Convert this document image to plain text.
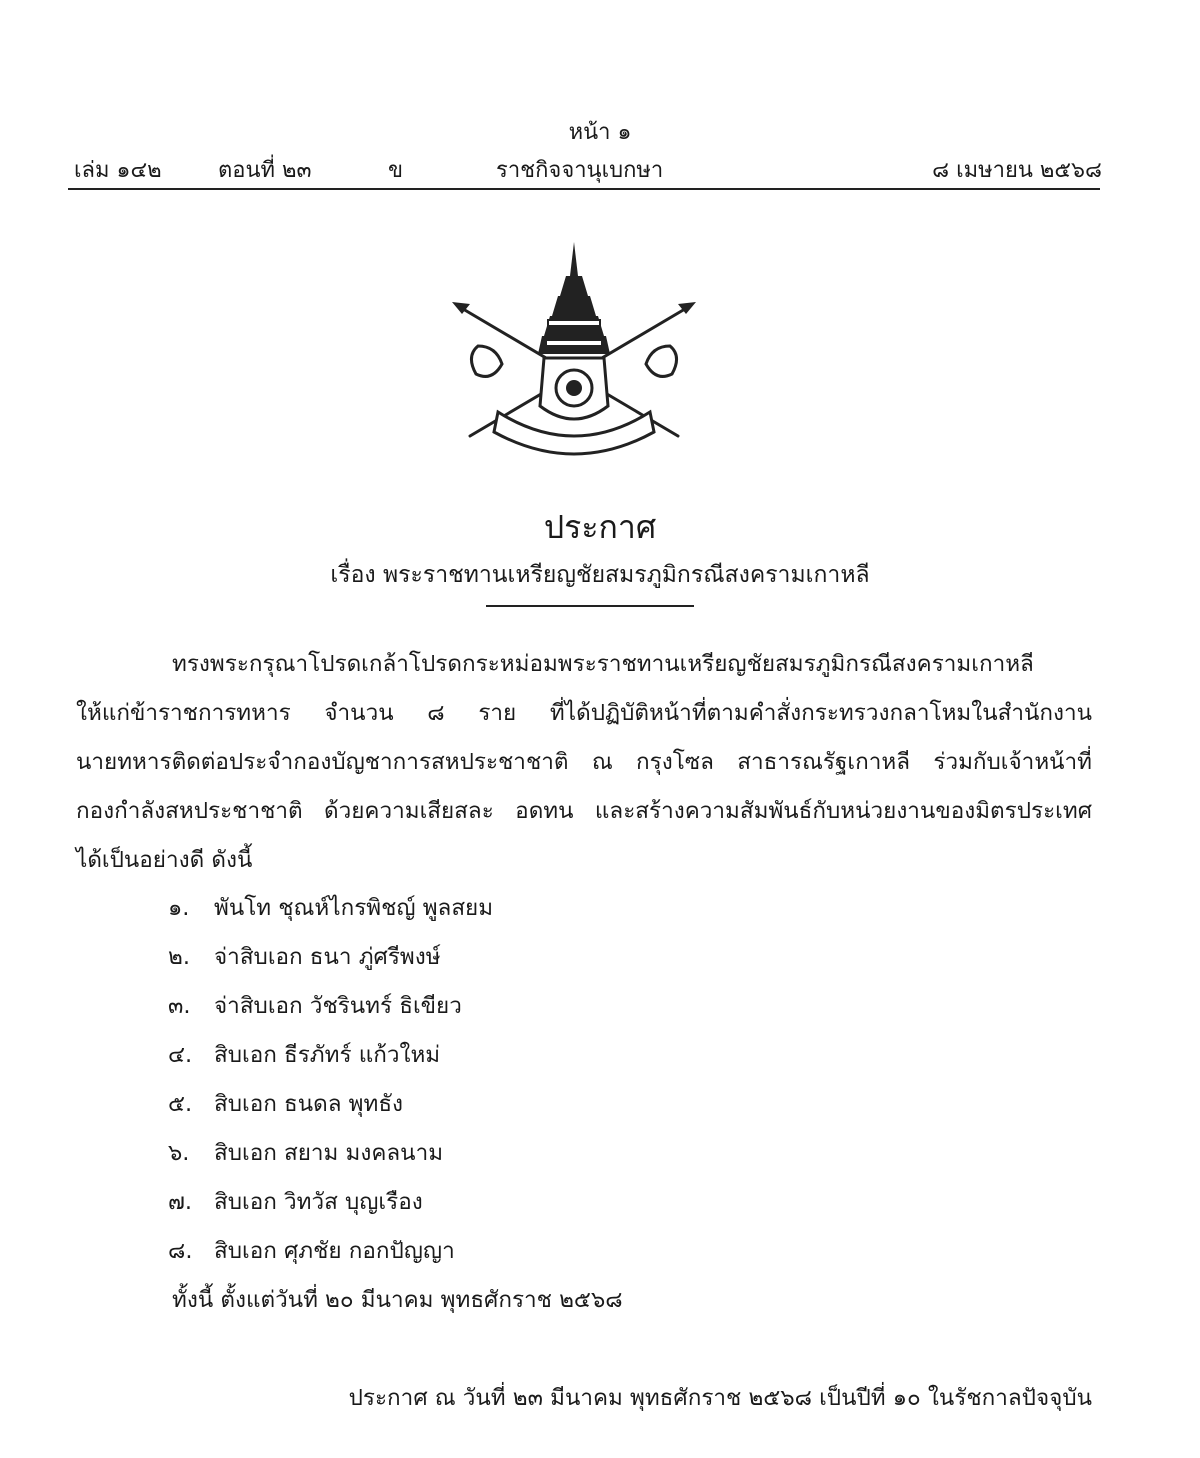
หน้า ๑
เล่ม ๑๔๒	ตอนที่ ๒๓	ข	ราชกิจจานุเบกษา	๘ เมษายน ๒๕๖๘
ประกาศ
เรื่อง พระราชทานเหรียญชัยสมรภูมิกรณีสงครามเกาหลี
ทรงพระกรุณาโปรดเกล้าโปรดกระหม่อมพระราชทานเหรียญชัยสมรภูมิกรณีสงครามเกาหลี
ให้แก่ข้าราชการทหาร จำนวน ๘ ราย ที่ได้ปฏิบัติหน้าที่ตามคำสั่งกระทรวงกลาโหมในสำนักงาน
นายทหารติดต่อประจำกองบัญชาการสหประชาชาติ ณ กรุงโซล สาธารณรัฐเกาหลี ร่วมกับเจ้าหน้าที่
กองกำลังสหประชาชาติ ด้วยความเสียสละ อดทน และสร้างความสัมพันธ์กับหน่วยงานของมิตรประเทศ
ได้เป็นอย่างดี ดังนี้
๑. พันโท ชุณห์ไกรพิชญ์ พูลสยม
๒. จ่าสิบเอก ธนา ภู่ศรีพงษ์
๓. จ่าสิบเอก วัชรินทร์ ธิเขียว
๔. สิบเอก ธีรภัทร์ แก้วใหม่
๕. สิบเอก ธนดล พุทธัง
๖. สิบเอก สยาม มงคลนาม
๗. สิบเอก วิทวัส บุญเรือง
๘. สิบเอก ศุภชัย กอกปัญญา
ทั้งนี้ ตั้งแต่วันที่ ๒๐ มีนาคม พุทธศักราช ๒๕๖๘
ประกาศ ณ วันที่ ๒๓ มีนาคม พุทธศักราช ๒๕๖๘ เป็นปีที่ ๑๐ ในรัชกาลปัจจุบัน
